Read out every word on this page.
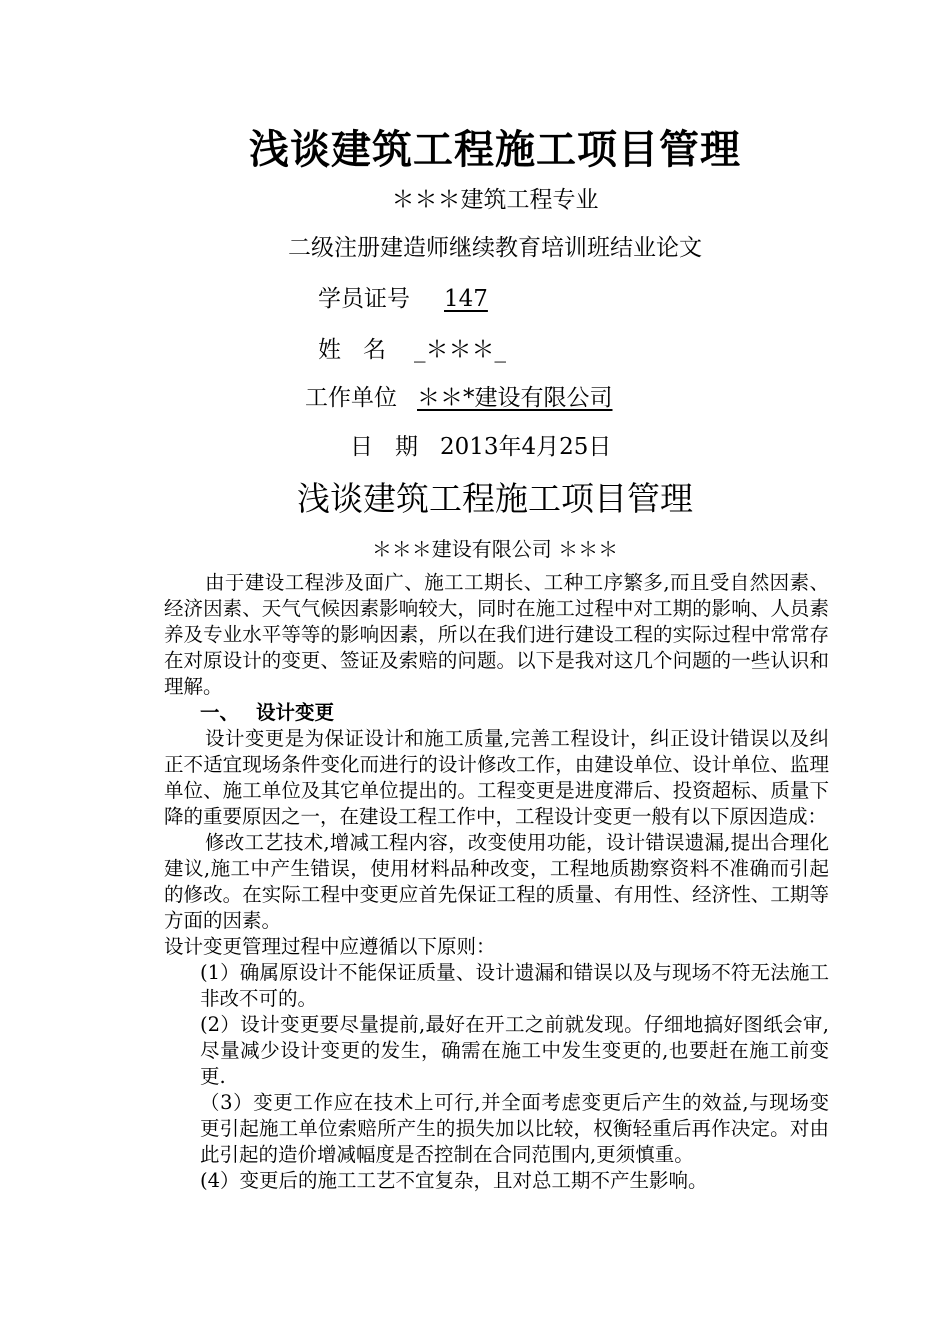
浅谈建筑工程施工项目管理
＊＊＊建筑工程专业
二级注册建造师继续教育培训班结业论文
学员证号 147
姓名 _＊＊＊_
工作单位 ＊＊*建设有限公司
日期2013年4月25日
浅谈建筑工程施工项目管理
＊＊＊建设有限公司 ＊＊＊

由于建设工程涉及面广、施工工期长、工种工序繁多,而且受自然因素、经济因素、天气气候因素影响较大，同时在施工过程中对工期的影响、人员素养及专业水平等等的影响因素，所以在我们进行建设工程的实际过程中常常存在对原设计的变更、签证及索赔的问题。以下是我对这几个问题的一些认识和理解。

一、 设计变更

设计变更是为保证设计和施工质量,完善工程设计，纠正设计错误以及纠正不适宜现场条件变化而进行的设计修改工作，由建设单位、设计单位、监理单位、施工单位及其它单位提出的。工程变更是进度滞后、投资超标、质量下降的重要原因之一，在建设工程工作中，工程设计变更一般有以下原因造成：

修改工艺技术,增减工程内容，改变使用功能，设计错误遗漏,提出合理化建议,施工中产生错误，使用材料品种改变，工程地质勘察资料不准确而引起的修改。在实际工程中变更应首先保证工程的质量、有用性、经济性、工期等方面的因素。

设计变更管理过程中应遵循以下原则：

(1）确属原设计不能保证质量、设计遗漏和错误以及与现场不符无法施工非改不可的。

(2）设计变更要尽量提前,最好在开工之前就发现。仔细地搞好图纸会审,尽量减少设计变更的发生，确需在施工中发生变更的,也要赶在施工前变更.

（3）变更工作应在技术上可行,并全面考虑变更后产生的效益,与现场变更引起施工单位索赔所产生的损失加以比较，权衡轻重后再作决定。对由此引起的造价增减幅度是否控制在合同范围内,更须慎重。

(4）变更后的施工工艺不宜复杂，且对总工期不产生影响。
